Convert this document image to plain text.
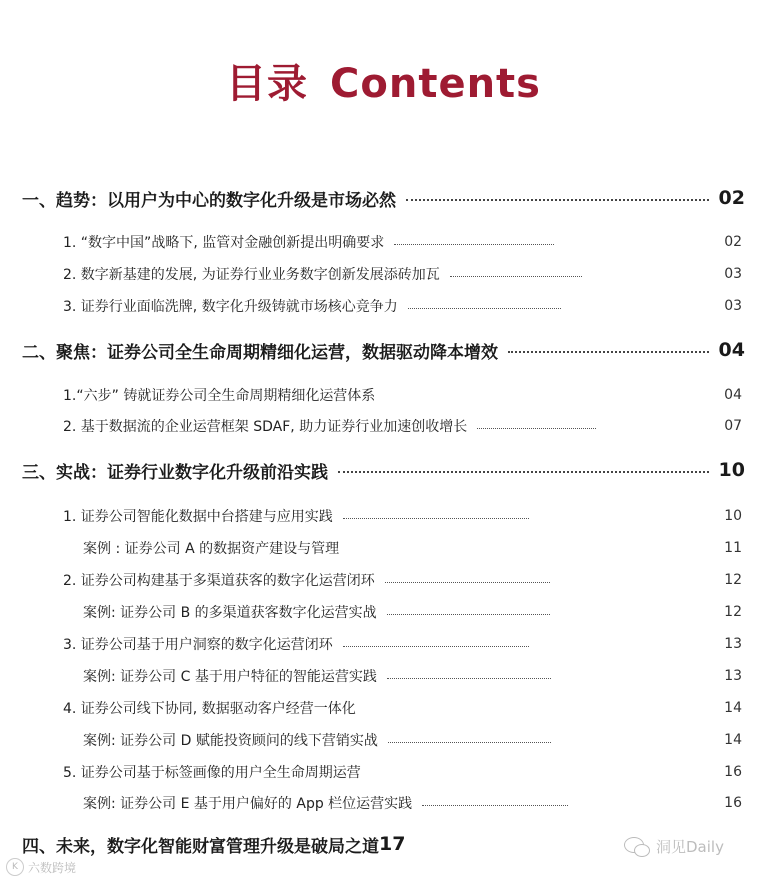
目录 Contents
一、趋势：以用户为中心的数字化升级是市场必然	02
1. “数字中国”战略下, 监管对金融创新提出明确要求	02
2. 数字新基建的发展, 为证券行业业务数字创新发展添砖加瓦	03
3. 证券行业面临洗牌, 数字化升级铸就市场核心竞争力	03
二、聚焦：证券公司全生命周期精细化运营，数据驱动降本增效	04
1.“六步” 铸就证券公司全生命周期精细化运营体系	04
2. 基于数据流的企业运营框架 SDAF, 助力证券行业加速创收增长	07
三、实战：证券行业数字化升级前沿实践	10
1. 证券公司智能化数据中台搭建与应用实践	10
案例 : 证券公司 A 的数据资产建设与管理	11
2. 证券公司构建基于多渠道获客的数字化运营闭环	12
案例: 证券公司 B 的多渠道获客数字化运营实战	12
3. 证券公司基于用户洞察的数字化运营闭环	13
案例: 证券公司 C 基于用户特征的智能运营实践	13
4. 证券公司线下协同, 数据驱动客户经营一体化	14
案例: 证券公司 D 赋能投资顾问的线下营销实战	14
5. 证券公司基于标签画像的用户全生命周期运营	16
案例: 证券公司 E 基于用户偏好的 App 栏位运营实践	16
四、未来，数字化智能财富管理升级是破局之道 17
K 六数跨境
洞见Daily
